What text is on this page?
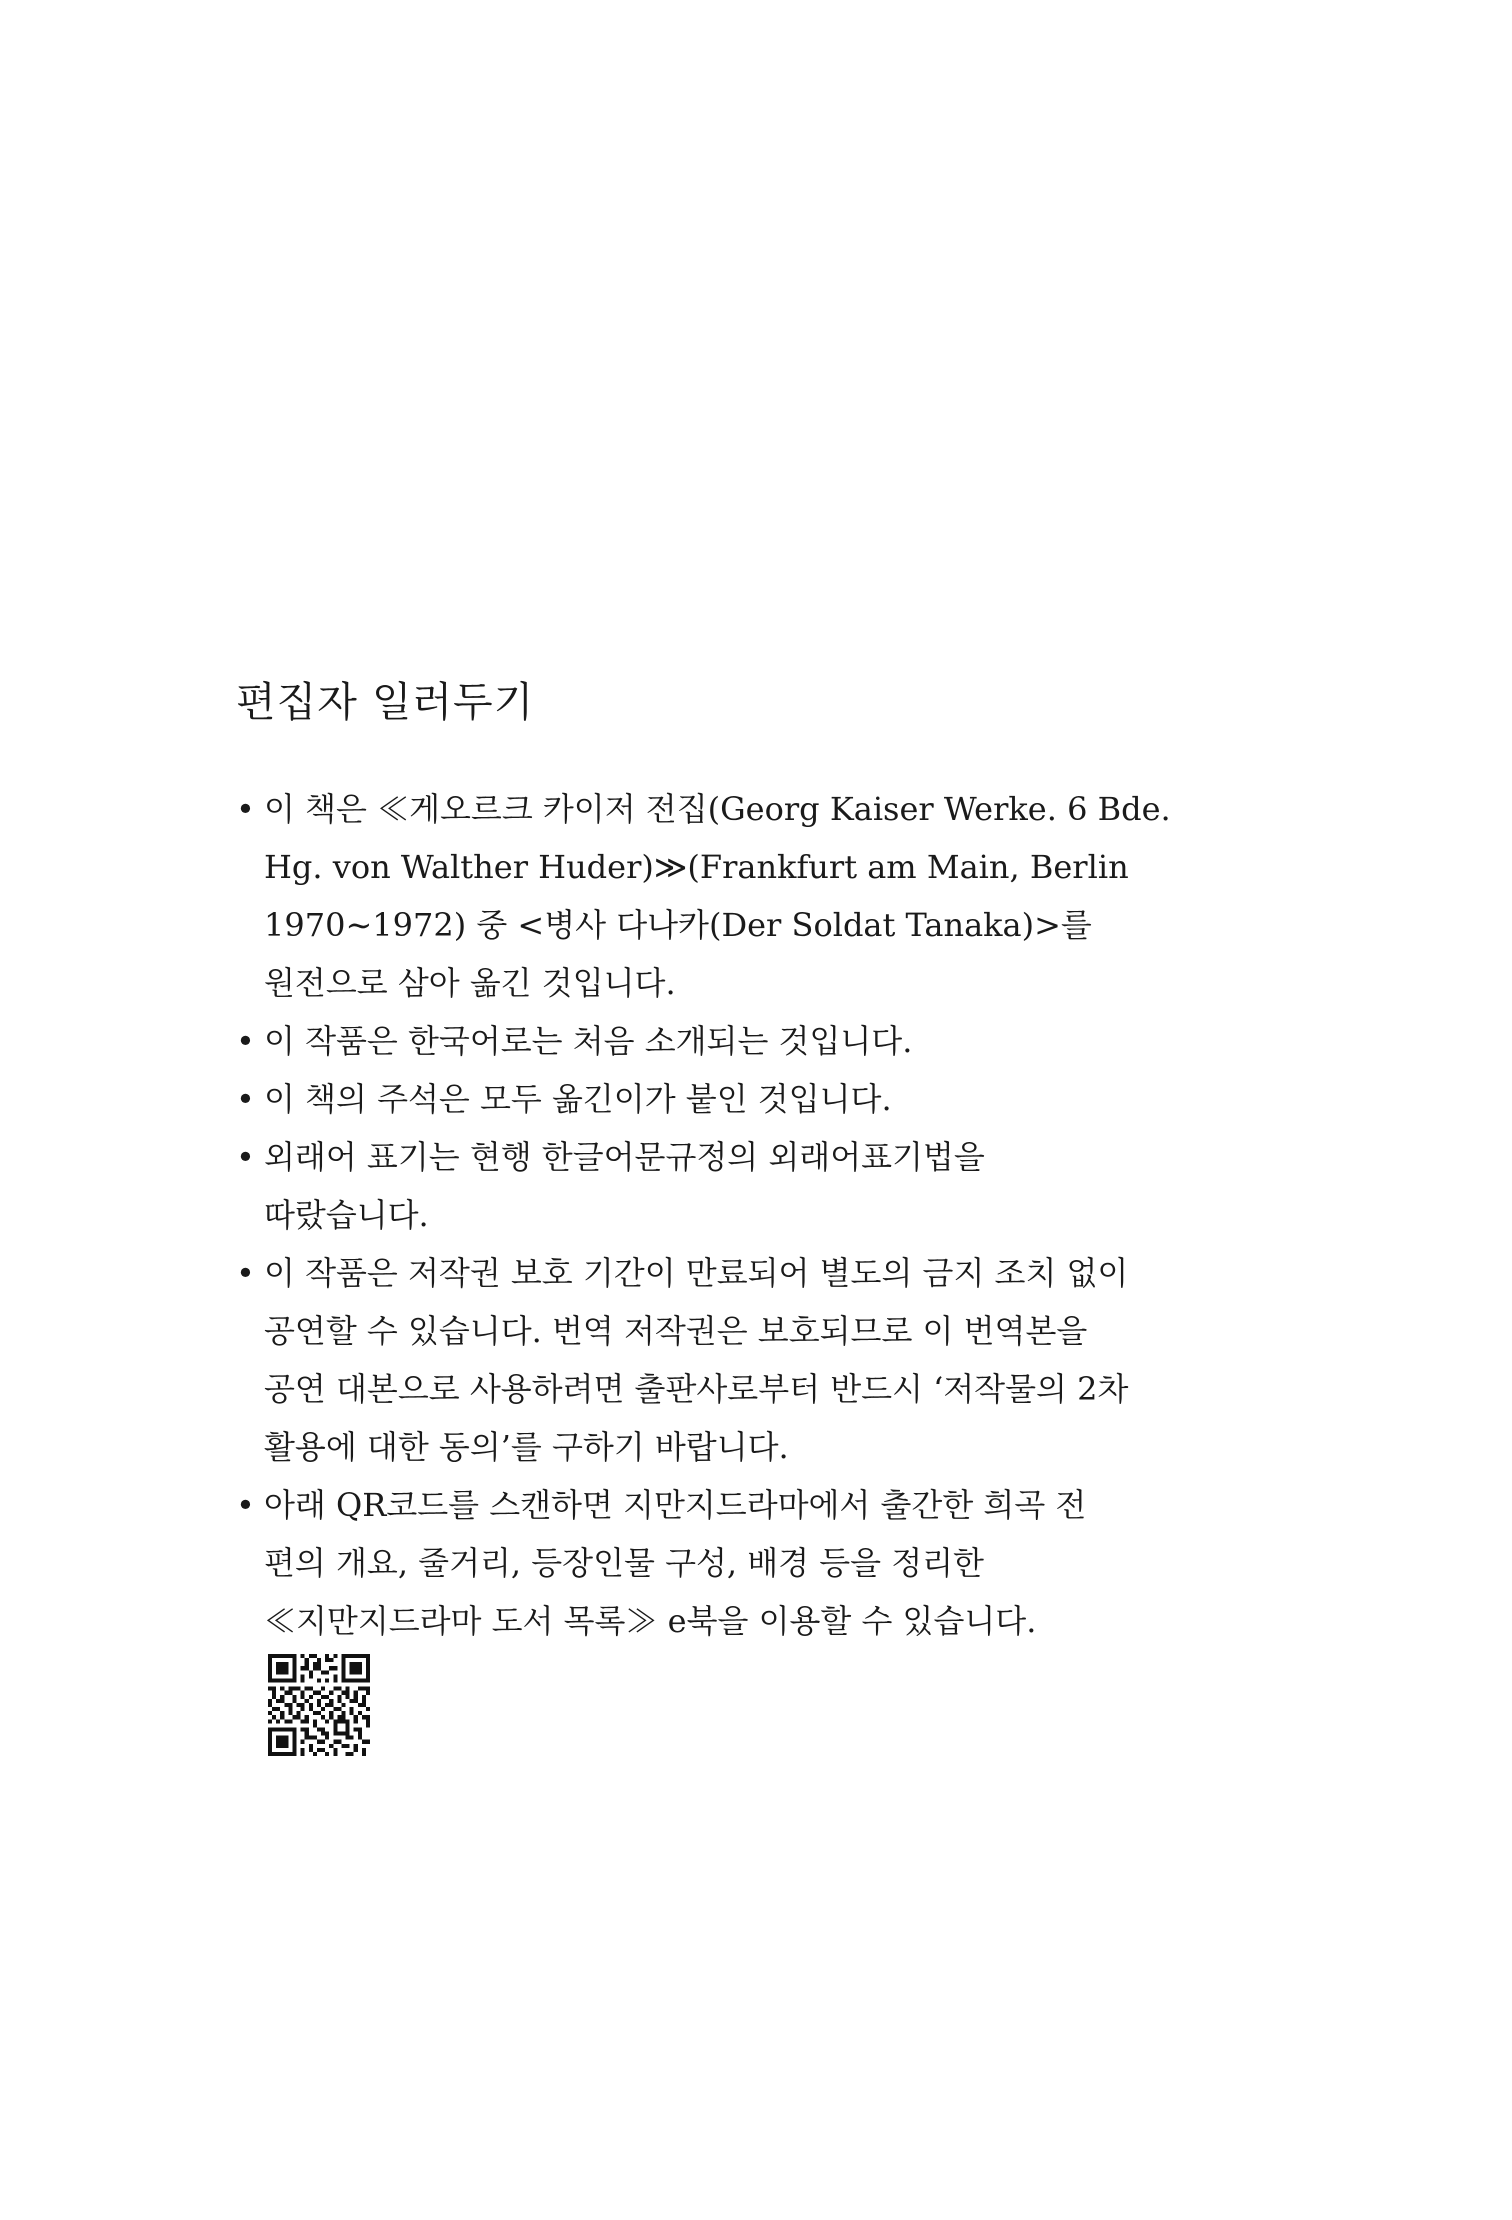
편집자 일러두기
• 이 책은 ≪게오르크 카이저 전집(Georg Kaiser Werke. 6 Bde.
Hg. von Walther Huder)≫(Frankfurt am Main, Berlin
1970∼1972) 중 <병사 다나카(Der Soldat Tanaka)>를
원전으로 삼아 옮긴 것입니다.
• 이 작품은 한국어로는 처음 소개되는 것입니다.
• 이 책의 주석은 모두 옮긴이가 붙인 것입니다.
• 외래어 표기는 현행 한글어문규정의 외래어표기법을
따랐습니다.
• 이 작품은 저작권 보호 기간이 만료되어 별도의 금지 조치 없이
공연할 수 있습니다. 번역 저작권은 보호되므로 이 번역본을
공연 대본으로 사용하려면 출판사로부터 반드시 ‘저작물의 2차
활용에 대한 동의’를 구하기 바랍니다.
• 아래 QR코드를 스캔하면 지만지드라마에서 출간한 희곡 전
편의 개요, 줄거리, 등장인물 구성, 배경 등을 정리한
≪지만지드라마 도서 목록≫ e북을 이용할 수 있습니다.
